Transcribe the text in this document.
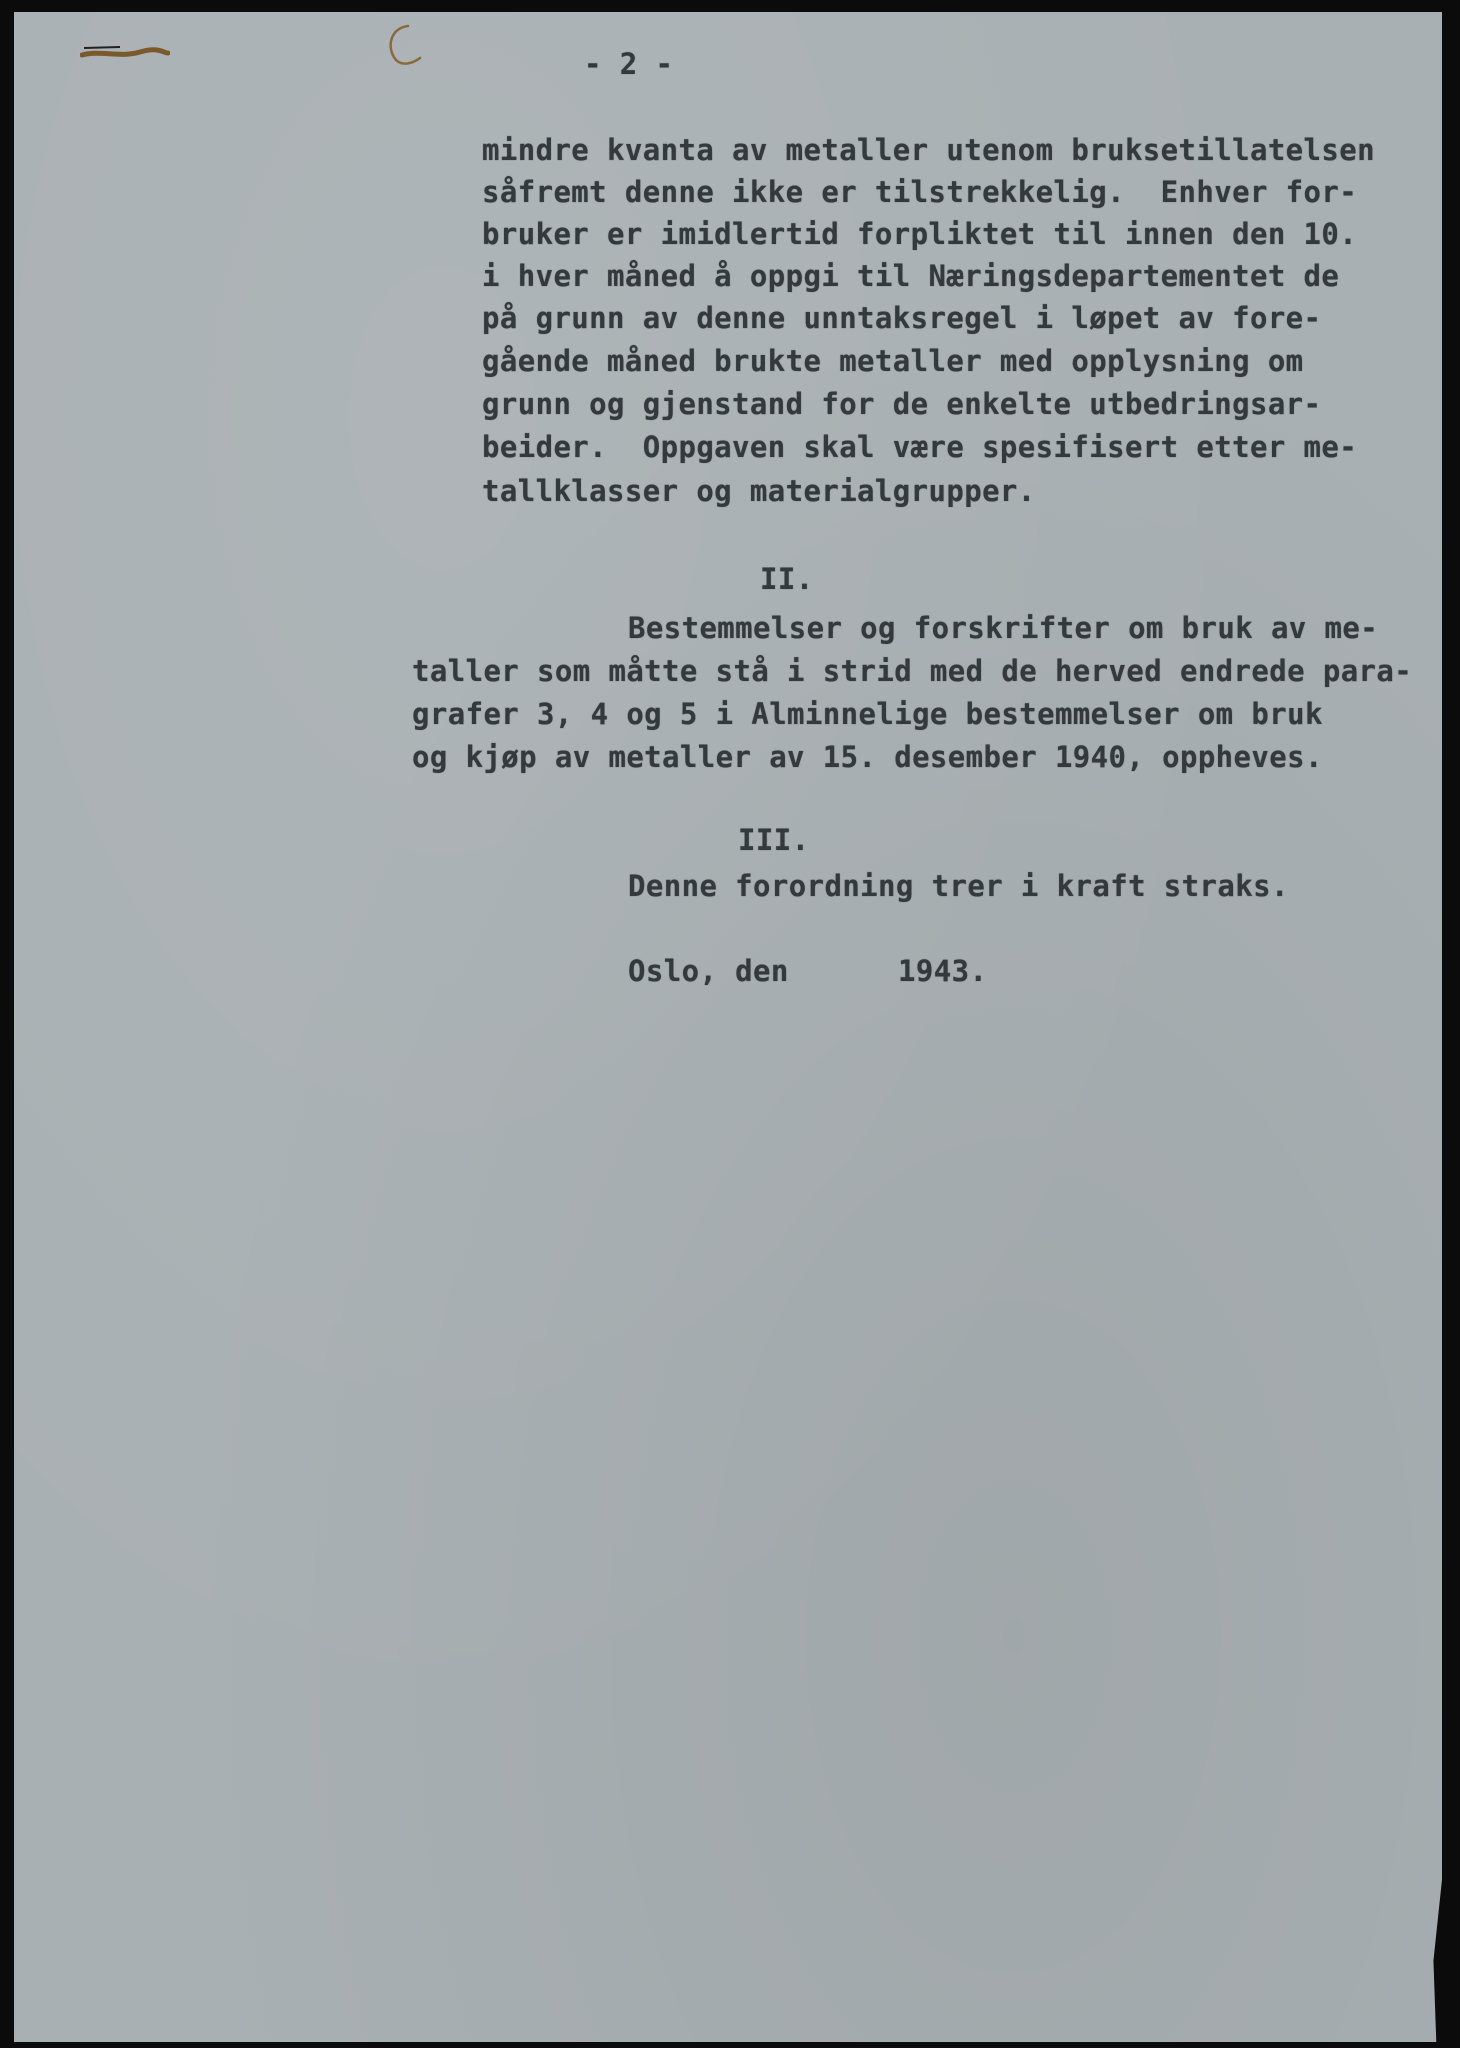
- 2 -
mindre kvanta av metaller utenom bruksetillatelsen
såfremt denne ikke er tilstrekkelig.  Enhver for-
bruker er imidlertid forpliktet til innen den 10.
i hver måned å oppgi til Næringsdepartementet de
på grunn av denne unntaksregel i løpet av fore-
gående måned brukte metaller med opplysning om
grunn og gjenstand for de enkelte utbedringsar-
beider.  Oppgaven skal være spesifisert etter me-
tallklasser og materialgrupper.
II.
Bestemmelser og forskrifter om bruk av me-
taller som måtte stå i strid med de herved endrede para-
grafer 3, 4 og 5 i Alminnelige bestemmelser om bruk
og kjøp av metaller av 15. desember 1940, oppheves.
III.
Denne forordning trer i kraft straks.
Oslo, den	1943.
